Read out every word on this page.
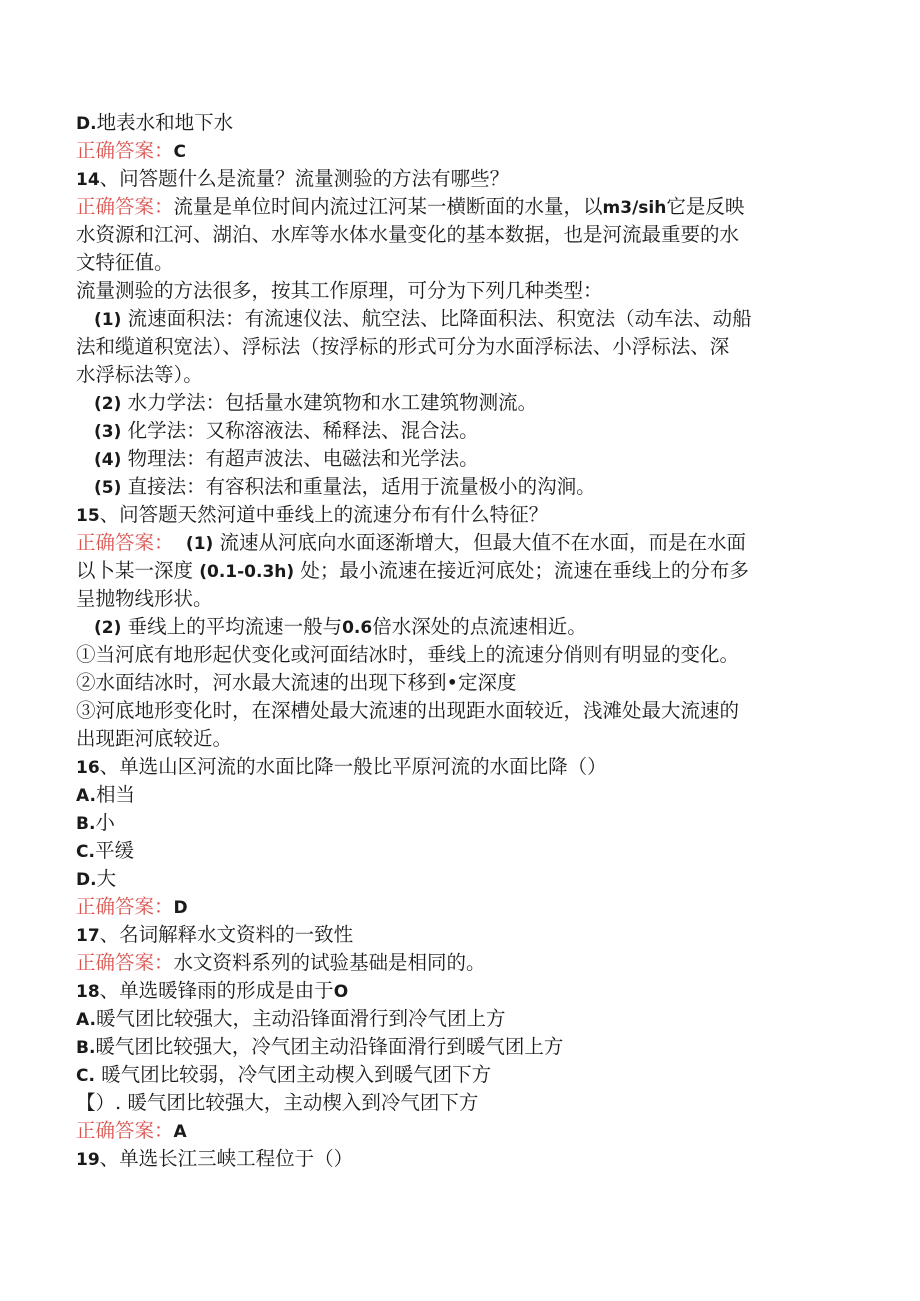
D.地表水和地下水
正确答案：C
14、问答题什么是流量？流量测验的方法有哪些？
正确答案：流量是单位时间内流过江河某一横断面的水量，以m3/sih它是反映
水资源和江河、湖泊、水库等水体水量变化的基本数据，也是河流最重要的水
文特征值。
流量测验的方法很多，按其工作原理，可分为下列几种类型：
(1) 流速面积法：有流速仪法、航空法、比降面积法、积宽法（动车法、动船
法和缆道积宽法）、浮标法（按浮标的形式可分为水面浮标法、小浮标法、深
水浮标法等）。
(2) 水力学法：包括量水建筑物和水工建筑物测流。
(3) 化学法：又称溶液法、稀释法、混合法。
(4) 物理法：有超声波法、电磁法和光学法。
(5) 直接法：有容积法和重量法，适用于流量极小的沟涧。
15、问答题天然河道中垂线上的流速分布有什么特征？
正确答案： (1) 流速从河底向水面逐渐增大，但最大值不在水面，而是在水面
以卜某一深度 (0.1-0.3h) 处；最小流速在接近河底处；流速在垂线上的分布多
呈抛物线形状。
(2) 垂线上的平均流速一般与0.6倍水深处的点流速相近。
①当河底有地形起伏变化或河面结冰时，垂线上的流速分俏则有明显的变化。
②水面结冰时，河水最大流速的出现下移到•定深度
③河底地形变化时，在深槽处最大流速的出现距水面较近，浅滩处最大流速的
出现距河底较近。
16、单选山区河流的水面比降一般比平原河流的水面比降（）
A.相当
B.小
C.平缓
D.大
正确答案：D
17、名词解释水文资料的一致性
正确答案：水文资料系列的试验基础是相同的。
18、单选暖锋雨的形成是由于O
A.暖气团比较强大，主动沿锋面滑行到冷气团上方
B.暖气团比较强大，冷气团主动沿锋面滑行到暖气团上方
C. 暖气团比较弱，冷气团主动楔入到暖气团下方
【）. 暖气团比较强大，主动楔入到冷气团下方
正确答案：A
19、单选长江三峡工程位于（）
